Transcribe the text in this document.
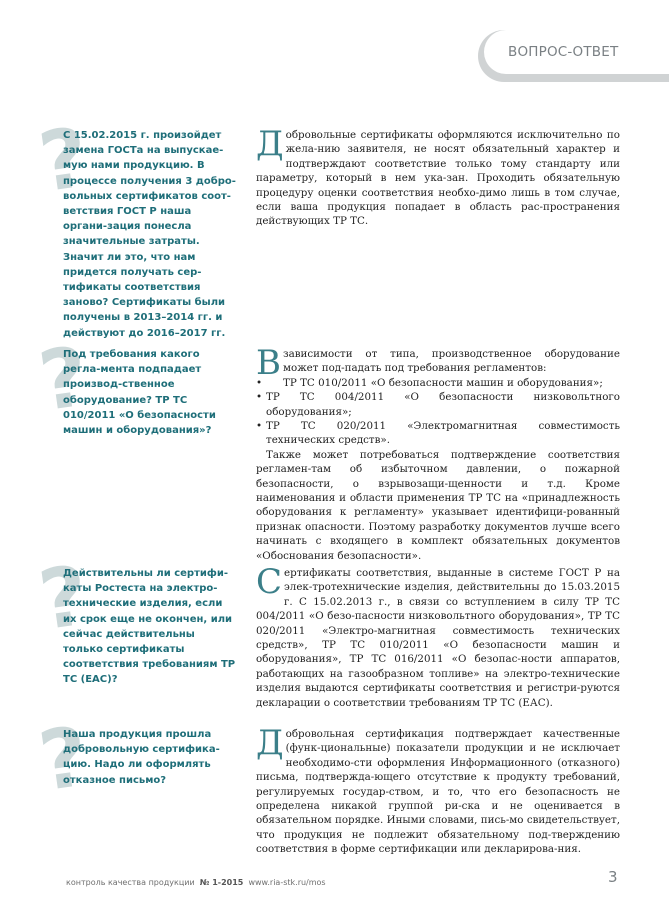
ВОПРОС-ОТВЕТ
?

С 15.02.2015 г. произойдет замена ГОСТа на выпускае-мую нами продукцию. В процессе получения 3 добро-вольных сертификатов соот-ветствия ГОСТ Р наша органи-зация понесла значительные затраты. Значит ли это, что нам придется получать сер-тификаты соответствия заново? Сертификаты были получены в 2013–2014 гг. и действуют до 2016–2017 гг.

Добровольные сертификаты оформляются исключительно по жела-нию заявителя, не носят обязательный характер и подтверждают соответствие только тому стандарту или параметру, который в нем ука-зан. Проходить обязательную процедуру оценки соответствия необхо-димо лишь в том случае, если ваша продукция попадает в область рас-пространения действующих ТР ТС.

?

Под требования какого регла-мента подпадает производ-ственное оборудование? ТР ТС 010/2011 «О безопасности машин и оборудования»?

Взависимости от типа, производственное оборудование может под-падать под требования регламентов:

• ТР ТС 010/2011 «О безопасности машин и оборудования»;
• ТР ТС 004/2011 «О безопасности низковольтного оборудования»;
• ТР ТС 020/2011 «Электромагнитная совместимость технических средств».

Также может потребоваться подтверждение соответствия регламен-там об избыточном давлении, о пожарной безопасности, о взрывозащи-щенности и т.д. Кроме наименования и области применения ТР ТС на «принадлежность оборудования к регламенту» указывает идентифици-рованный признак опасности. Поэтому разработку документов лучше всего начинать с входящего в комплект обязательных документов «Обоснования безопасности».

?

Действительны ли сертифи-каты Ростеста на электро-технические изделия, если их срок еще не окончен, или сейчас действительны только сертификаты соответствия требованиям ТР ТС (ЕАС)?

Сертификаты соответствия, выданные в системе ГОСТ Р на элек-тротехнические изделия, действительны до 15.03.2015 г. С 15.02.2013 г., в связи со вступлением в силу ТР ТС 004/2011 «О безо-пасности низковольтного оборудования», ТР ТС 020/2011 «Электро-магнитная совместимость технических средств», ТР ТС 010/2011 «О безопасности машин и оборудования», ТР ТС 016/2011 «О безопас-ности аппаратов, работающих на газообразном топливе» на электро-технические изделия выдаются сертификаты соответствия и регистри-руются декларации о соответствии требованиям ТР ТС (ЕАС).

?

Наша продукция прошла добровольную сертифика-цию. Надо ли оформлять отказное письмо?

Добровольная сертификация подтверждает качественные (функ-циональные) показатели продукции и не исключает необходимо-сти оформления Информационного (отказного) письма, подтвержда-ющего отсутствие к продукту требований, регулируемых государ-ством, и то, что его безопасность не определена никакой группой ри-ска и не оценивается в обязательном порядке. Иными словами, пись-мо свидетельствует, что продукция не подлежит обязательному под-тверждению соответствия в форме сертификации или декларирова-ния.

контроль качества продукции № 1-2015 www.ria-stk.ru/mos	3
